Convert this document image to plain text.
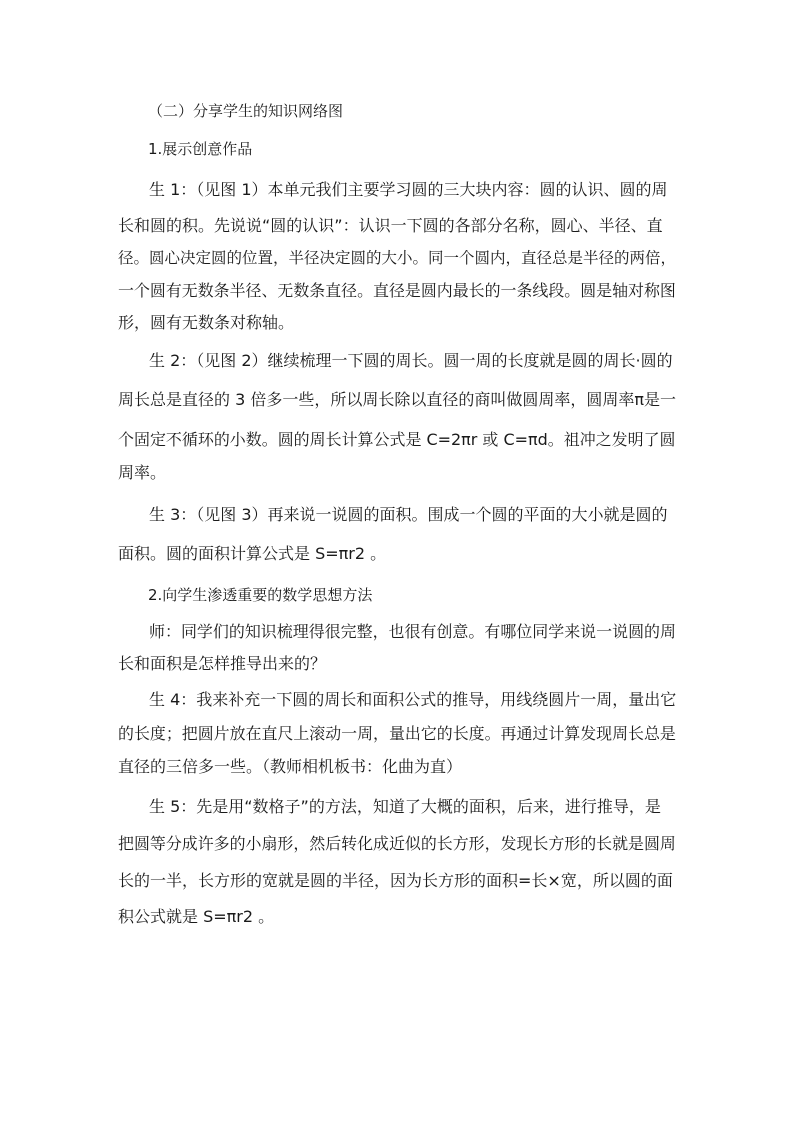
（二）分享学生的知识网络图
1.展示创意作品
生 1：（见图 1）本单元我们主要学习圆的三大块内容：圆的认识、圆的周
长和圆的积。先说说“圆的认识”：认识一下圆的各部分名称，圆心、半径、直
径。圆心决定圆的位置，半径决定圆的大小。同一个圆内，直径总是半径的两倍，
一个圆有无数条半径、无数条直径。直径是圆内最长的一条线段。圆是轴对称图
形，圆有无数条对称轴。
生 2：（见图 2）继续梳理一下圆的周长。圆一周的长度就是圆的周长·圆的
周长总是直径的 3 倍多一些，所以周长除以直径的商叫做圆周率，圆周率π是一
个固定不循环的小数。圆的周长计算公式是 C=2πr 或 C=πd。祖冲之发明了圆
周率。
生 3：（见图 3）再来说一说圆的面积。围成一个圆的平面的大小就是圆的
面积。圆的面积计算公式是 S=πr2 。
2.向学生渗透重要的数学思想方法
师：同学们的知识梳理得很完整，也很有创意。有哪位同学来说一说圆的周
长和面积是怎样推导出来的？
生 4：我来补充一下圆的周长和面积公式的推导，用线绕圆片一周，量出它
的长度；把圆片放在直尺上滚动一周，量出它的长度。再通过计算发现周长总是
直径的三倍多一些。（教师相机板书：化曲为直）
生 5：先是用“数格子”的方法，知道了大概的面积，后来，进行推导，是
把圆等分成许多的小扇形，然后转化成近似的长方形，发现长方形的长就是圆周
长的一半，长方形的宽就是圆的半径，因为长方形的面积=长×宽，所以圆的面
积公式就是 S=πr2 。
